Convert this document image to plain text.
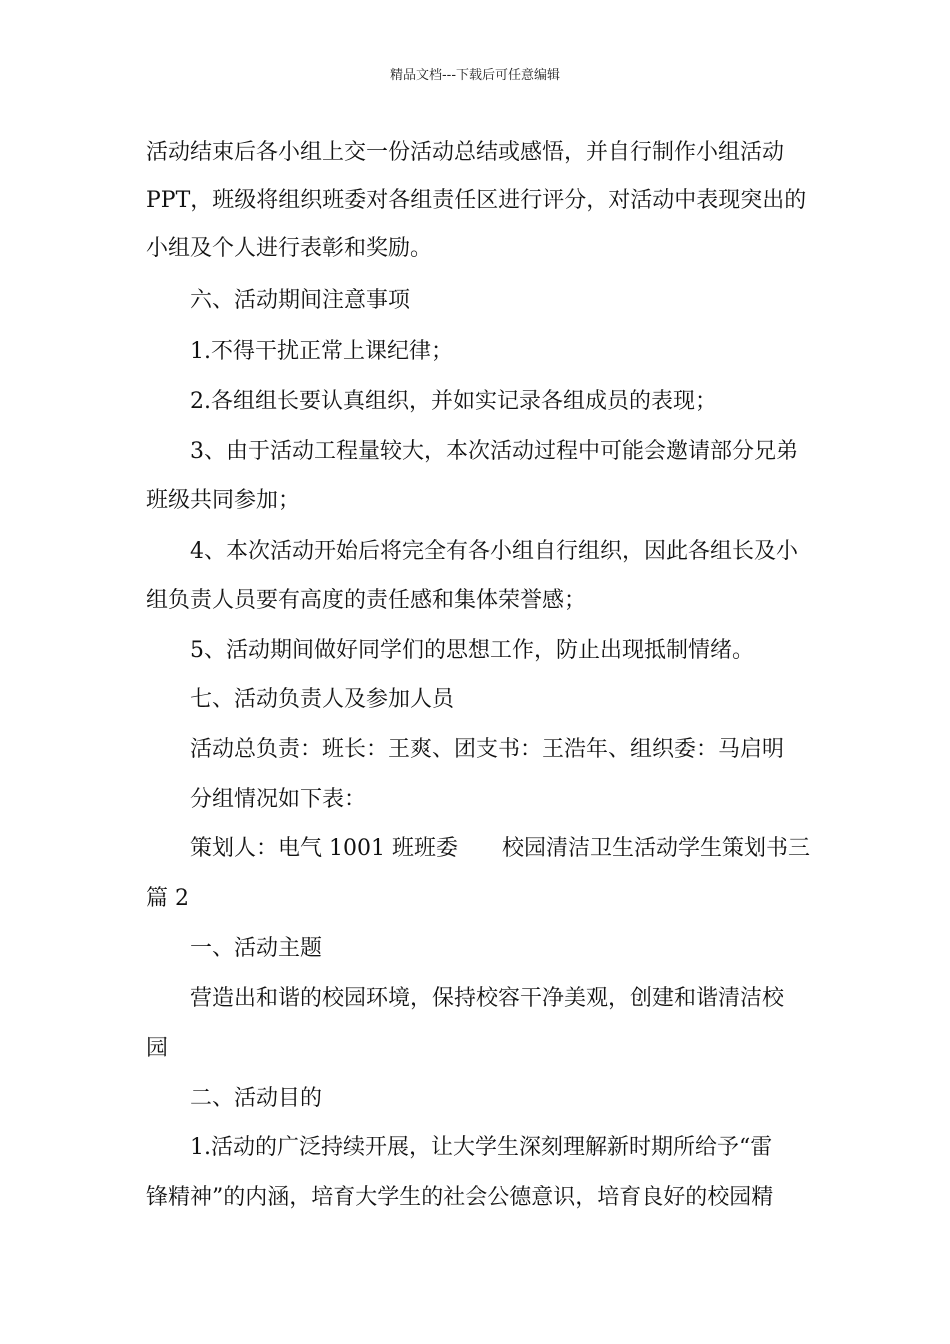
精品文档---下载后可任意编辑
活动结束后各小组上交一份活动总结或感悟，并自行制作小组活动
PPT，班级将组织班委对各组责任区进行评分，对活动中表现突出的
小组及个人进行表彰和奖励。
六、活动期间注意事项
1.不得干扰正常上课纪律；
2.各组组长要认真组织，并如实记录各组成员的表现；
3、由于活动工程量较大，本次活动过程中可能会邀请部分兄弟
班级共同参加；
4、本次活动开始后将完全有各小组自行组织，因此各组长及小
组负责人员要有高度的责任感和集体荣誉感；
5、活动期间做好同学们的思想工作，防止出现抵制情绪。
七、活动负责人及参加人员
活动总负责：班长：王爽、团支书：王浩年、组织委：马启明
分组情况如下表：
策划人：电气 1001 班班委　　校园清洁卫生活动学生策划书三
篇 2
一、活动主题
营造出和谐的校园环境，保持校容干净美观，创建和谐清洁校
园
二、活动目的
1.活动的广泛持续开展，让大学生深刻理解新时期所给予“雷
锋精神”的内涵，培育大学生的社会公德意识，培育良好的校园精
